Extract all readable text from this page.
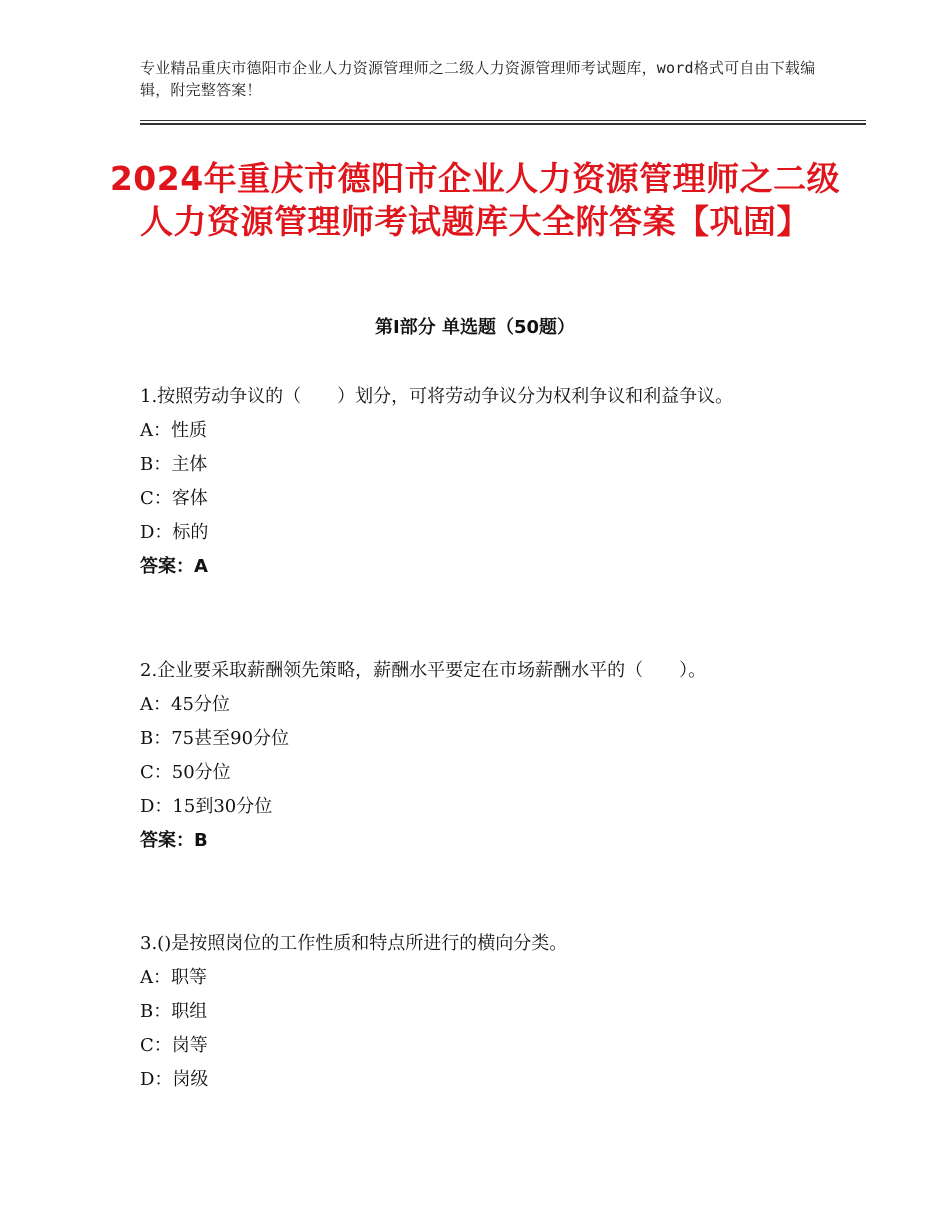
专业精品重庆市德阳市企业人力资源管理师之二级人力资源管理师考试题库，word格式可自由下载编辑，附完整答案！
2024年重庆市德阳市企业人力资源管理师之二级人力资源管理师考试题库大全附答案【巩固】
第Ⅰ部分 单选题（50题）

1.按照劳动争议的（　　）划分，可将劳动争议分为权利争议和利益争议。

A：性质

B：主体

C：客体

D：标的

答案：A

2.企业要采取薪酬领先策略，薪酬水平要定在市场薪酬水平的（　　）。

A：45分位

B：75甚至90分位

C：50分位

D：15到30分位

答案：B

3.()是按照岗位的工作性质和特点所进行的横向分类。

A：职等

B：职组

C：岗等

D：岗级
